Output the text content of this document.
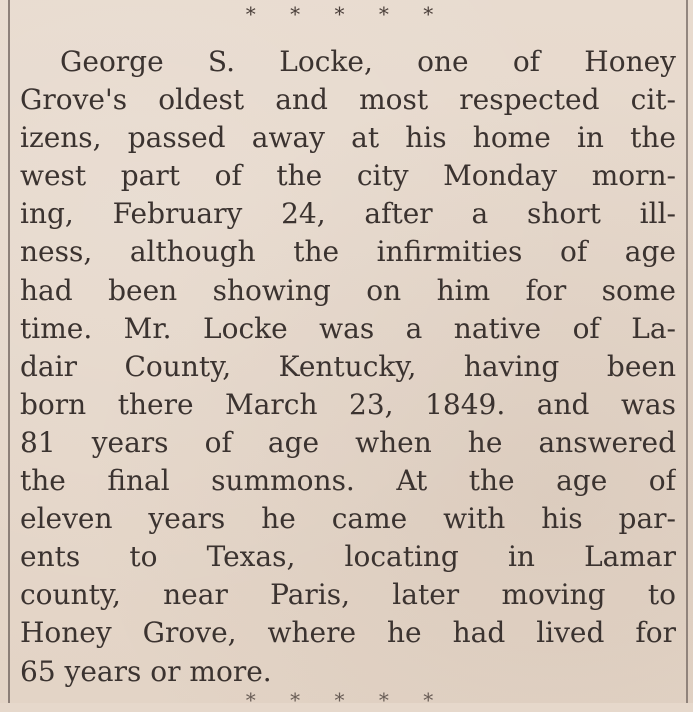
* * * * *
George S. Locke, one of Honey
Grove's oldest and most respected cit-
izens, passed away at his home in the
west part of the city Monday morn-
ing, February 24, after a short ill-
ness, although the infirmities of age
had been showing on him for some
time. Mr. Locke was a native of La-
dair County, Kentucky, having been
born there March 23, 1849. and was
81 years of age when he answered
the final summons. At the age of
eleven years he came with his par-
ents to Texas, locating in Lamar
county, near Paris, later moving to
Honey Grove, where he had lived for
65 years or more.
* * * * *
